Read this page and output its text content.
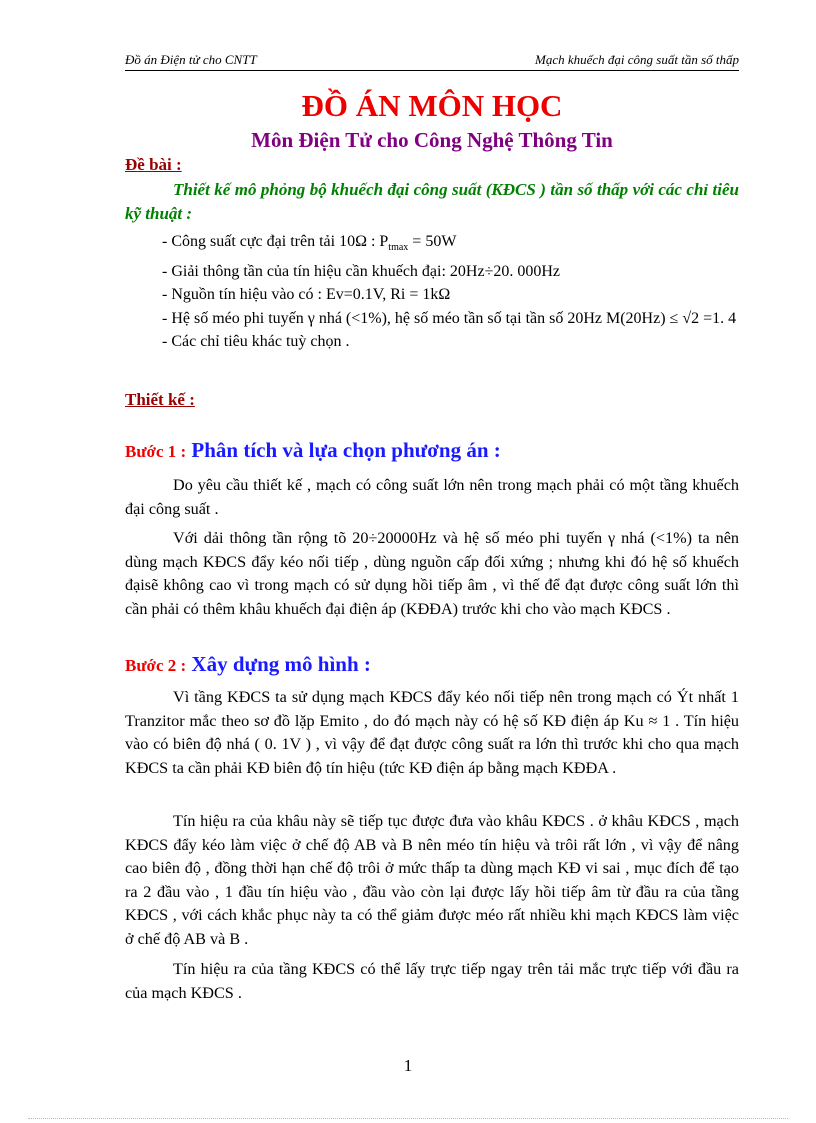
Đồ án Điện tử cho CNTT	Mạch khuếch đại công suất tần số thấp
ĐỒ ÁN MÔN HỌC
Môn Điện Tử cho Công Nghệ Thông Tin
Đề bài :
Thiết kế mô phỏng bộ khuếch đại công suất (KĐCS ) tần số thấp với các chỉ tiêu kỹ thuật :

- Công suất cực đại trên tải 10Ω : $P_{tmax} = 50W$

- Giải thông tần của tín hiệu cần khuếch đại: 20Hz÷20. 000Hz

- Nguồn tín hiệu vào có : Ev=0.1V, Ri = 1kΩ

- Hệ số méo phi tuyến γ nhá (<1%), hệ số méo tần số tại tần số 20Hz M(20Hz) ≤ √2 =1. 4

- Các chỉ tiêu khác tuỳ chọn .

Thiết kế :
Bước 1 : Phân tích và lựa chọn phương án :

Do yêu cầu thiết kế , mạch có công suất lớn nên trong mạch phải có một tầng khuếch đại công suất .

Với dải thông tần rộng tõ 20÷20000Hz và hệ số méo phi tuyến γ nhá (<1%) ta nên dùng mạch KĐCS đẩy kéo nối tiếp , dùng nguồn cấp đối xứng ; nhưng khi đó hệ số khuếch đạisẽ không cao vì trong mạch có sử dụng hồi tiếp âm , vì thế để đạt được công suất lớn thì cần phải có thêm khâu khuếch đại điện áp (KĐĐA) trước khi cho vào mạch KĐCS .

Bước 2 : Xây dựng mô hình :

Vì tầng KĐCS ta sử dụng mạch KĐCS đẩy kéo nối tiếp nên trong mạch có Ýt nhất 1 Tranzitor mắc theo sơ đồ lặp Emito , do đó mạch này có hệ số KĐ điện áp Ku ≈ 1 . Tín hiệu vào có biên độ nhá ( 0. 1V ) , vì vậy để đạt được công suất ra lớn thì trước khi cho qua mạch KĐCS ta cần phải KĐ biên độ tín hiệu (tức KĐ điện áp bằng mạch KĐĐA .

Tín hiệu ra của khâu này sẽ tiếp tục được đưa vào khâu KĐCS . ở khâu KĐCS , mạch KĐCS đẩy kéo làm việc ở chế độ AB và B nên méo tín hiệu và trôi rất lớn , vì vậy để nâng cao biên độ , đồng thời hạn chế độ trôi ở mức thấp ta dùng mạch KĐ vi sai , mục đích để tạo ra 2 đầu vào , 1 đầu tín hiệu vào , đầu vào còn lại được lấy hồi tiếp âm từ đầu ra của tầng KĐCS , với cách khắc phục này ta có thể giảm được méo rất nhiều khi mạch KĐCS làm việc ở chế độ AB và B .

Tín hiệu ra của tầng KĐCS có thể lấy trực tiếp ngay trên tải mắc trực tiếp với đầu ra của mạch KĐCS .

1
